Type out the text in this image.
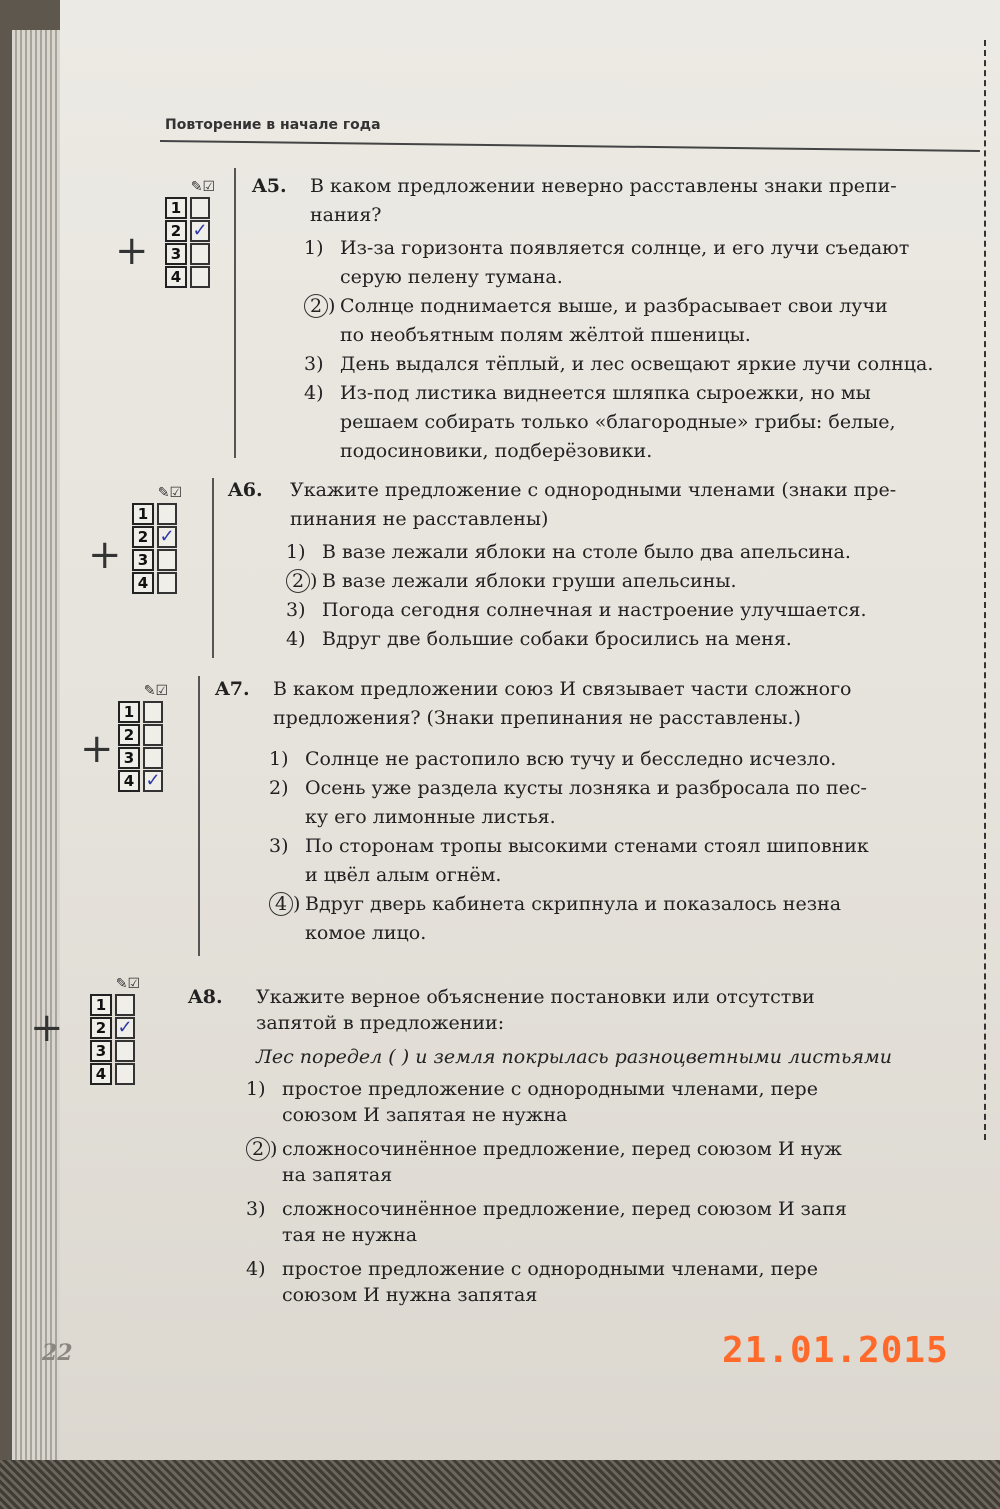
Повторение в начале года
✎☑
1
2 ✓
3
4
+
✎☑
1
2 ✓
3
4
+
✎☑
1
2
3
4 ✓
+
✎☑
1
2 ✓
3
4
+
A5. В каком предложении неверно расставлены знаки препи-
нания?
1) Из-за горизонта появляется солнце, и его лучи съедают
серую пелену тумана.
2 ) Солнце поднимается выше, и разбрасывает свои лучи
по необъятным полям жёлтой пшеницы.
3) День выдался тёплый, и лес освещают яркие лучи солнца.
4) Из-под листика виднеется шляпка сыроежки, но мы
решаем собирать только «благородные» грибы: белые,
подосиновики, подберёзовики.
A6. Укажите предложение с однородными членами (знаки пре-
пинания не расставлены)
1) В вазе лежали яблоки на столе было два апельсина.
2 ) В вазе лежали яблоки груши апельсины.
3) Погода сегодня солнечная и настроение улучшается.
4) Вдруг две большие собаки бросились на меня.
A7. В каком предложении союз И связывает части сложного
предложения? (Знаки препинания не расставлены.)
1) Солнце не растопило всю тучу и бесследно исчезло.
2) Осень уже раздела кусты лозняка и разбросала по пес-
ку его лимонные листья.
3) По сторонам тропы высокими стенами стоял шиповник
и цвёл алым огнём.
4 ) Вдруг дверь кабинета скрипнула и показалось незна
комое лицо.
A8. Укажите верное объяснение постановки или отсутстви
запятой в предложении:
Лес поредел ( ) и земля покрылась разноцветными листьями
1) простое предложение с однородными членами, пере
союзом И запятая не нужна
2 ) сложносочинённое предложение, перед союзом И нуж
на запятая
3) сложносочинённое предложение, перед союзом И запя
тая не нужна
4) простое предложение с однородными членами, пере
союзом И нужна запятая
22	21.01.2015
